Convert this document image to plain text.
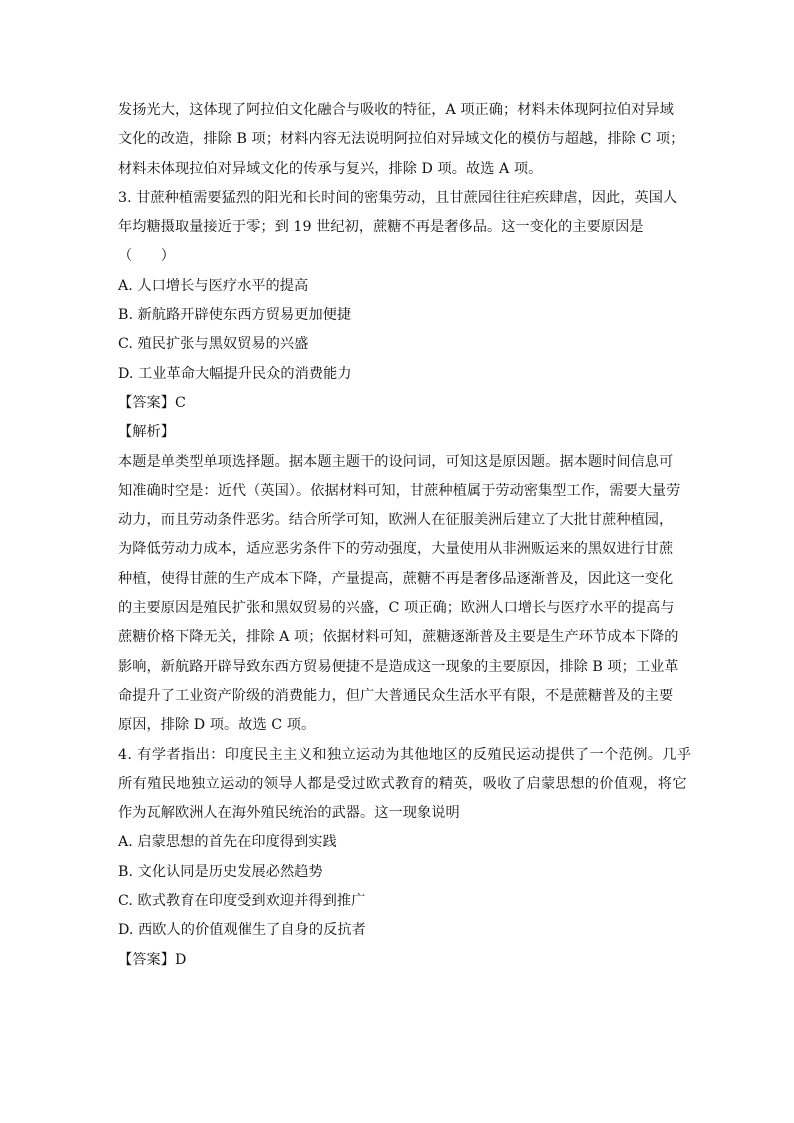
发扬光大，这体现了阿拉伯文化融合与吸收的特征，A 项正确；材料未体现阿拉伯对异域
文化的改造，排除 B 项；材料内容无法说明阿拉伯对异域文化的模仿与超越，排除 C 项；
材料未体现拉伯对异域文化的传承与复兴，排除 D 项。故选 A 项。
3. 甘蔗种植需要猛烈的阳光和长时间的密集劳动，且甘蔗园往往疟疾肆虐，因此，英国人
年均糖摄取量接近于零；到 19 世纪初，蔗糖不再是奢侈品。这一变化的主要原因是
（　　）
A. 人口增长与医疗水平的提高
B. 新航路开辟使东西方贸易更加便捷
C. 殖民扩张与黑奴贸易的兴盛
D. 工业革命大幅提升民众的消费能力
【答案】C
【解析】
本题是单类型单项选择题。据本题主题干的设问词，可知这是原因题。据本题时间信息可
知准确时空是：近代（英国）。依据材料可知，甘蔗种植属于劳动密集型工作，需要大量劳
动力，而且劳动条件恶劣。结合所学可知，欧洲人在征服美洲后建立了大批甘蔗种植园，
为降低劳动力成本，适应恶劣条件下的劳动强度，大量使用从非洲贩运来的黑奴进行甘蔗
种植，使得甘蔗的生产成本下降，产量提高，蔗糖不再是奢侈品逐渐普及，因此这一变化
的主要原因是殖民扩张和黑奴贸易的兴盛，C 项正确；欧洲人口增长与医疗水平的提高与
蔗糖价格下降无关，排除 A 项；依据材料可知，蔗糖逐渐普及主要是生产环节成本下降的
影响，新航路开辟导致东西方贸易便捷不是造成这一现象的主要原因，排除 B 项；工业革
命提升了工业资产阶级的消费能力，但广大普通民众生活水平有限，不是蔗糖普及的主要
原因，排除 D 项。故选 C 项。
4. 有学者指出：印度民主主义和独立运动为其他地区的反殖民运动提供了一个范例。几乎
所有殖民地独立运动的领导人都是受过欧式教育的精英，吸收了启蒙思想的价值观，将它
作为瓦解欧洲人在海外殖民统治的武器。这一现象说明
A. 启蒙思想的首先在印度得到实践
B. 文化认同是历史发展必然趋势
C. 欧式教育在印度受到欢迎并得到推广
D. 西欧人的价值观催生了自身的反抗者
【答案】D
